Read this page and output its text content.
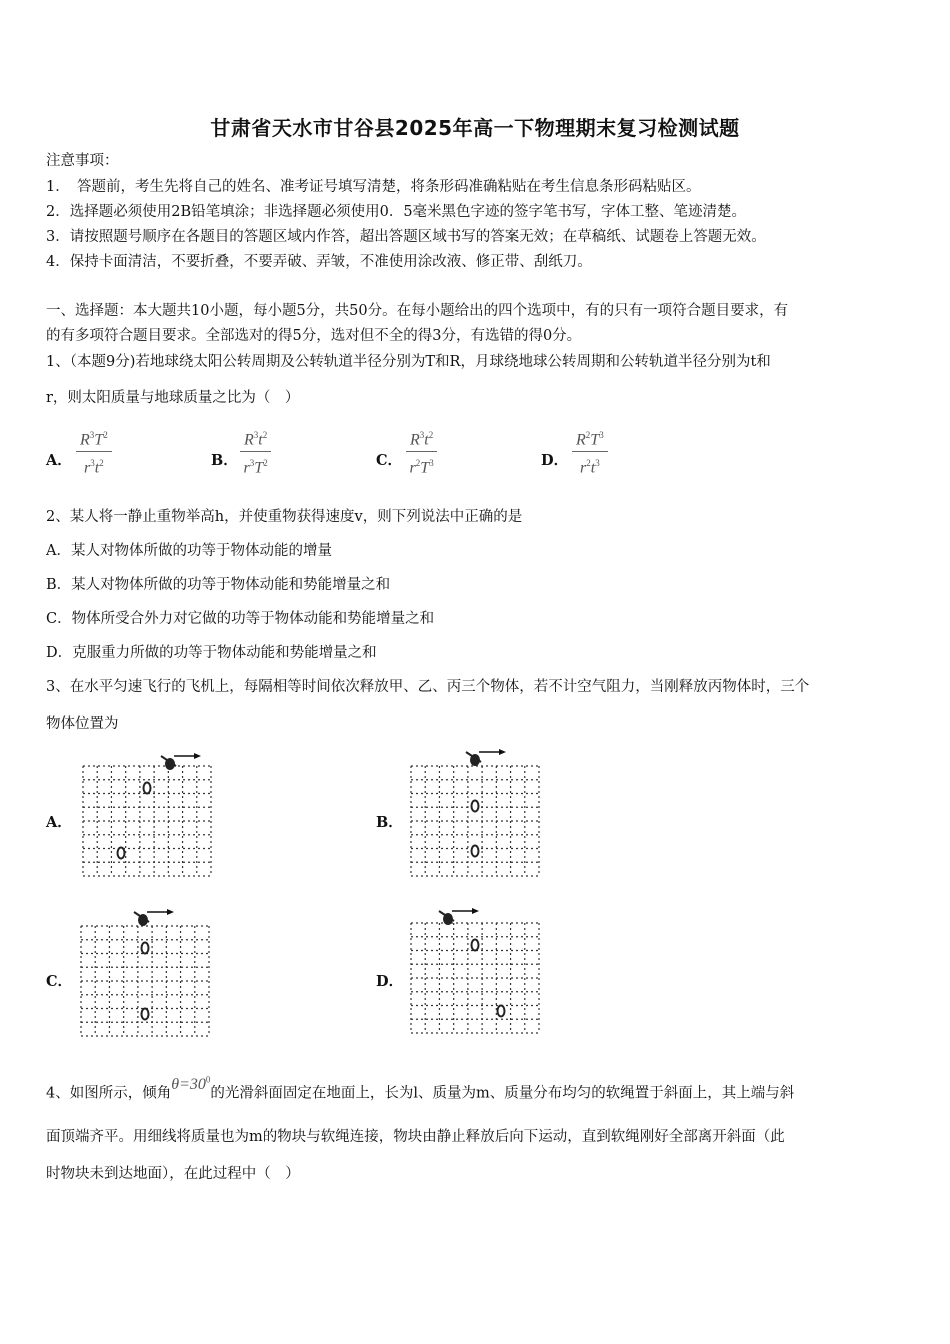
甘肃省天水市甘谷县2025年高一下物理期末复习检测试题
注意事项：
1．　答题前，考生先将自己的姓名、准考证号填写清楚，将条形码准确粘贴在考生信息条形码粘贴区。
2．选择题必须使用2B铅笔填涂；非选择题必须使用0．5毫米黑色字迹的签字笔书写，字体工整、笔迹清楚。
3．请按照题号顺序在各题目的答题区域内作答，超出答题区域书写的答案无效；在草稿纸、试题卷上答题无效。
4．保持卡面清洁，不要折叠，不要弄破、弄皱，不准使用涂改液、修正带、刮纸刀。
一、选择题：本大题共10小题，每小题5分，共50分。在每小题给出的四个选项中，有的只有一项符合题目要求，有
的有多项符合题目要求。全部选对的得5分，选对但不全的得3分，有选错的得0分。
1、（本题9分)若地球绕太阳公转周期及公转轨道半径分别为T和R，月球绕地球公转周期和公转轨道半径分别为t和
r，则太阳质量与地球质量之比为（　）
A． $\frac{R^3T^2}{r^3t^2}$	B． $\frac{R^3t^2}{r^3T^2}$	C． $\frac{R^3t^2}{r^2T^3}$	D． $\frac{R^2T^3}{r^2t^3}$
2、某人将一静止重物举高h，并使重物获得速度v，则下列说法中正确的是
A．某人对物体所做的功等于物体动能的增量
B．某人对物体所做的功等于物体动能和势能增量之和
C．物体所受合外力对它做的功等于物体动能和势能增量之和
D．克服重力所做的功等于物体动能和势能增量之和
3、在水平匀速飞行的飞机上，每隔相等时间依次释放甲、乙、丙三个物体，若不计空气阻力，当刚释放丙物体时，三个
物体位置为
A．	B．
C．	D．
4、如图所示，倾角$\theta=30^0$的光滑斜面固定在地面上，长为l、质量为m、质量分布均匀的软绳置于斜面上，其上端与斜
面顶端齐平。用细线将质量也为m的物块与软绳连接，物块由静止释放后向下运动，直到软绳刚好全部离开斜面（此
时物块未到达地面），在此过程中（　）
